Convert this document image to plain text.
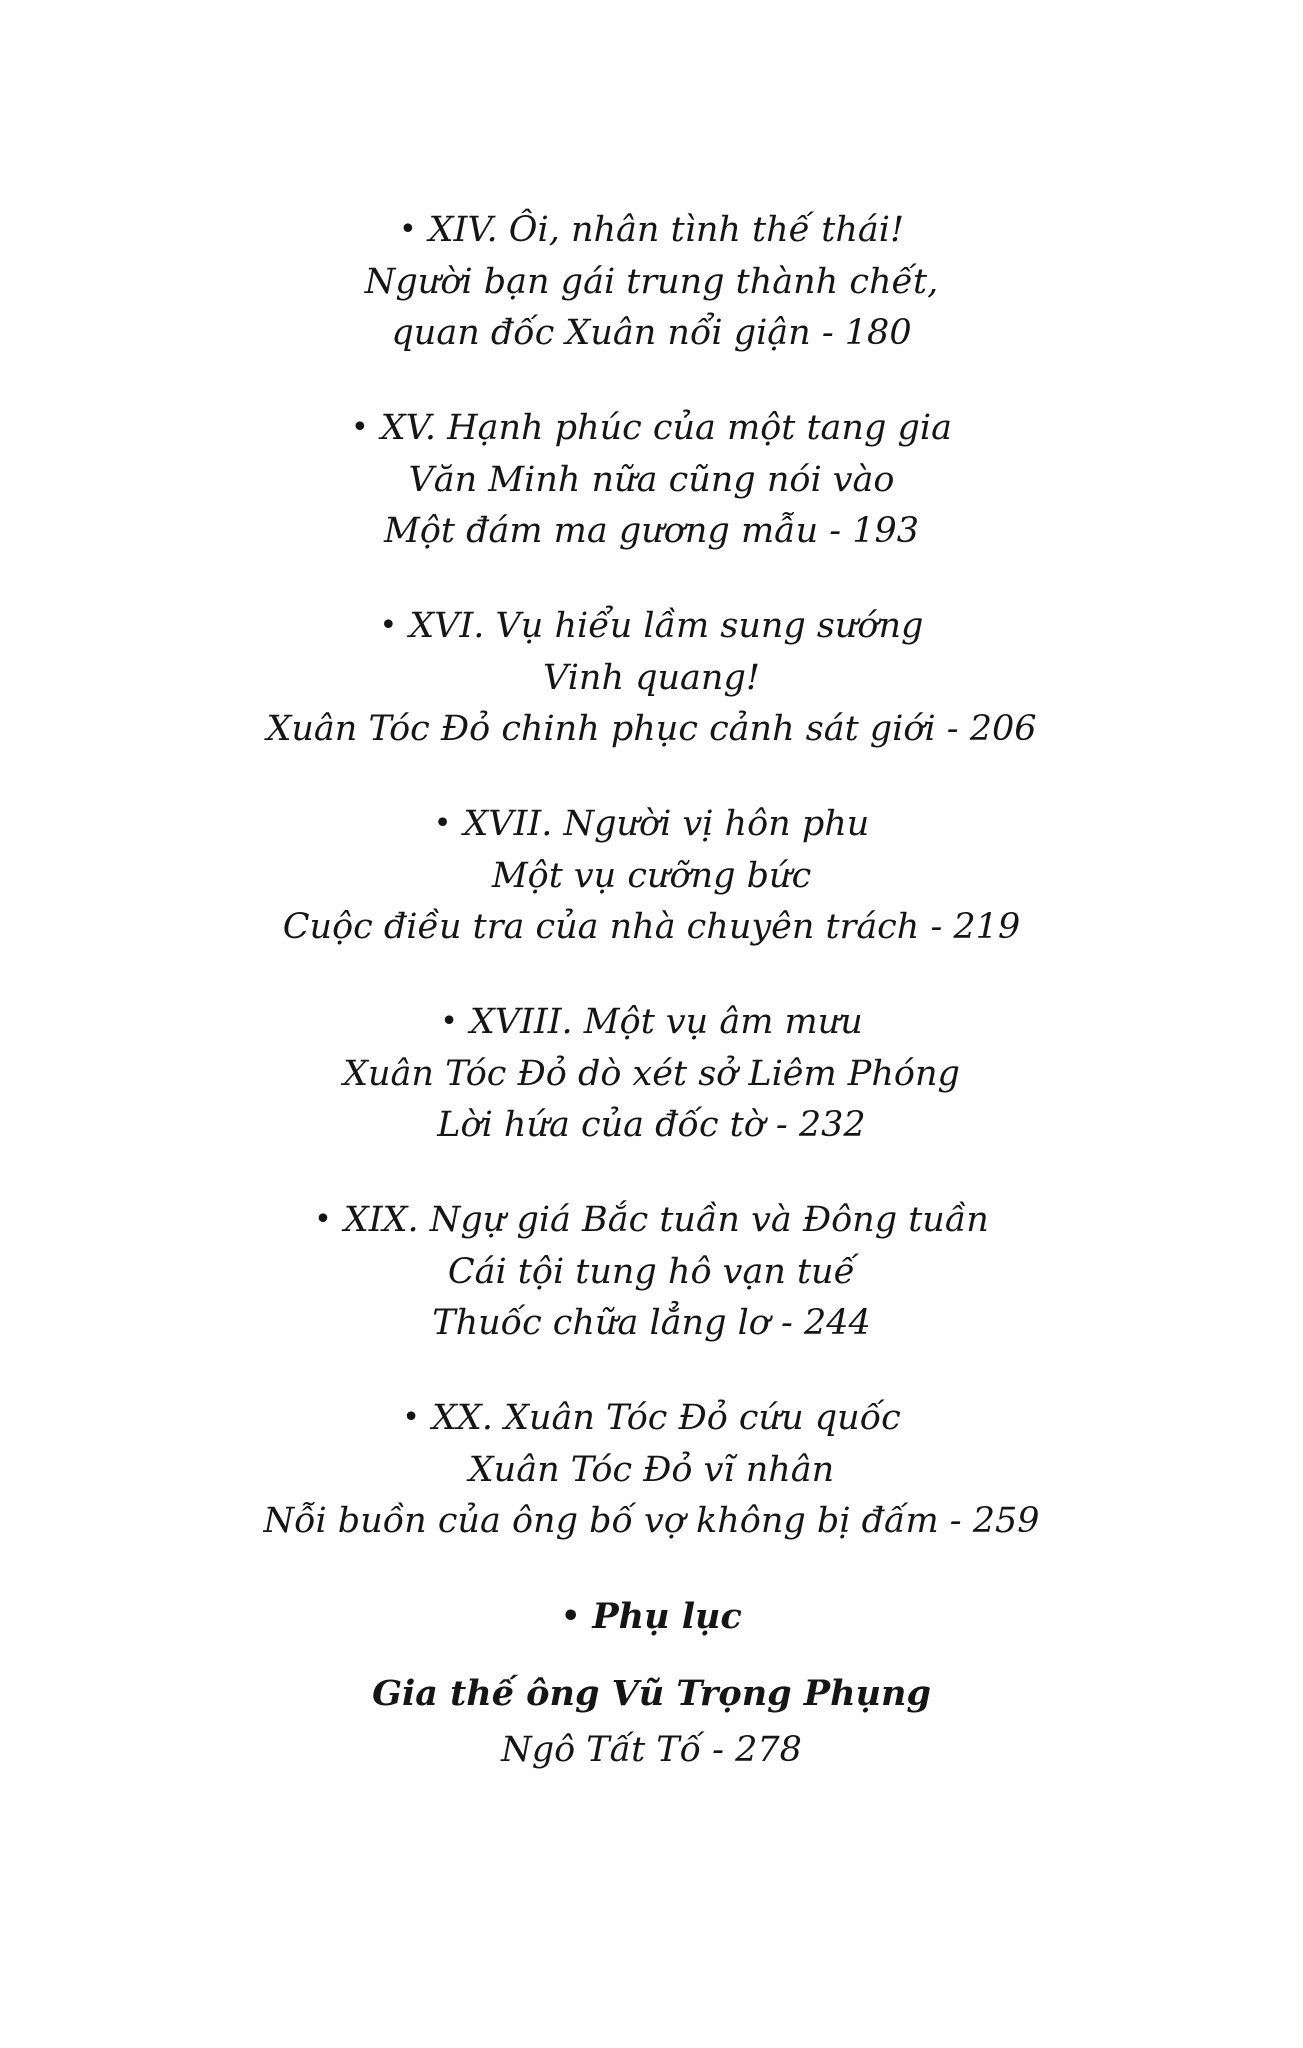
• XIV. Ôi, nhân tình thế thái!
Người bạn gái trung thành chết,
quan đốc Xuân nổi giận - 180
• XV. Hạnh phúc của một tang gia
Văn Minh nữa cũng nói vào
Một đám ma gương mẫu - 193
• XVI. Vụ hiểu lầm sung sướng
Vinh quang!
Xuân Tóc Đỏ chinh phục cảnh sát giới - 206
• XVII. Người vị hôn phu
Một vụ cưỡng bức
Cuộc điều tra của nhà chuyên trách - 219
• XVIII. Một vụ âm mưu
Xuân Tóc Đỏ dò xét sở Liêm Phóng
Lời hứa của đốc tờ - 232
• XIX. Ngự giá Bắc tuần và Đông tuần
Cái tội tung hô vạn tuế
Thuốc chữa lẳng lơ - 244
• XX. Xuân Tóc Đỏ cứu quốc
Xuân Tóc Đỏ vĩ nhân
Nỗi buồn của ông bố vợ không bị đấm - 259
• Phụ lục
Gia thế ông Vũ Trọng Phụng
Ngô Tất Tố - 278
